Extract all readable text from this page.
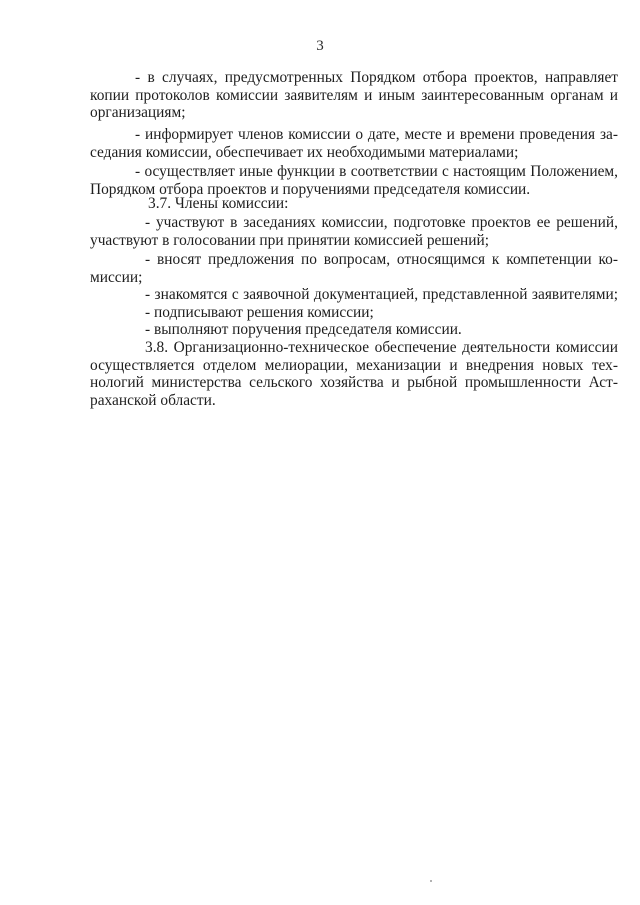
3
- в случаях, предусмотренных Порядком отбора проектов, направляет
копии протоколов комиссии заявителям и иным заинтересованным органам и
организациям;
- информирует членов комиссии о дате, месте и времени проведения за-
седания комиссии, обеспечивает их необходимыми материалами;
- осуществляет иные функции в соответствии с настоящим Положением,
Порядком отбора проектов и поручениями председателя комиссии.
3.7. Члены комиссии:
- участвуют в заседаниях комиссии, подготовке проектов ее решений,
участвуют в голосовании при принятии комиссией решений;
- вносят предложения по вопросам, относящимся к компетенции ко-
миссии;
- знакомятся с заявочной документацией, представленной заявителями;
- подписывают решения комиссии;
- выполняют поручения председателя комиссии.
3.8. Организационно-техническое обеспечение деятельности комиссии
осуществляется отделом мелиорации, механизации и внедрения новых тех-
нологий министерства сельского хозяйства и рыбной промышленности Аст-
раханской области.
